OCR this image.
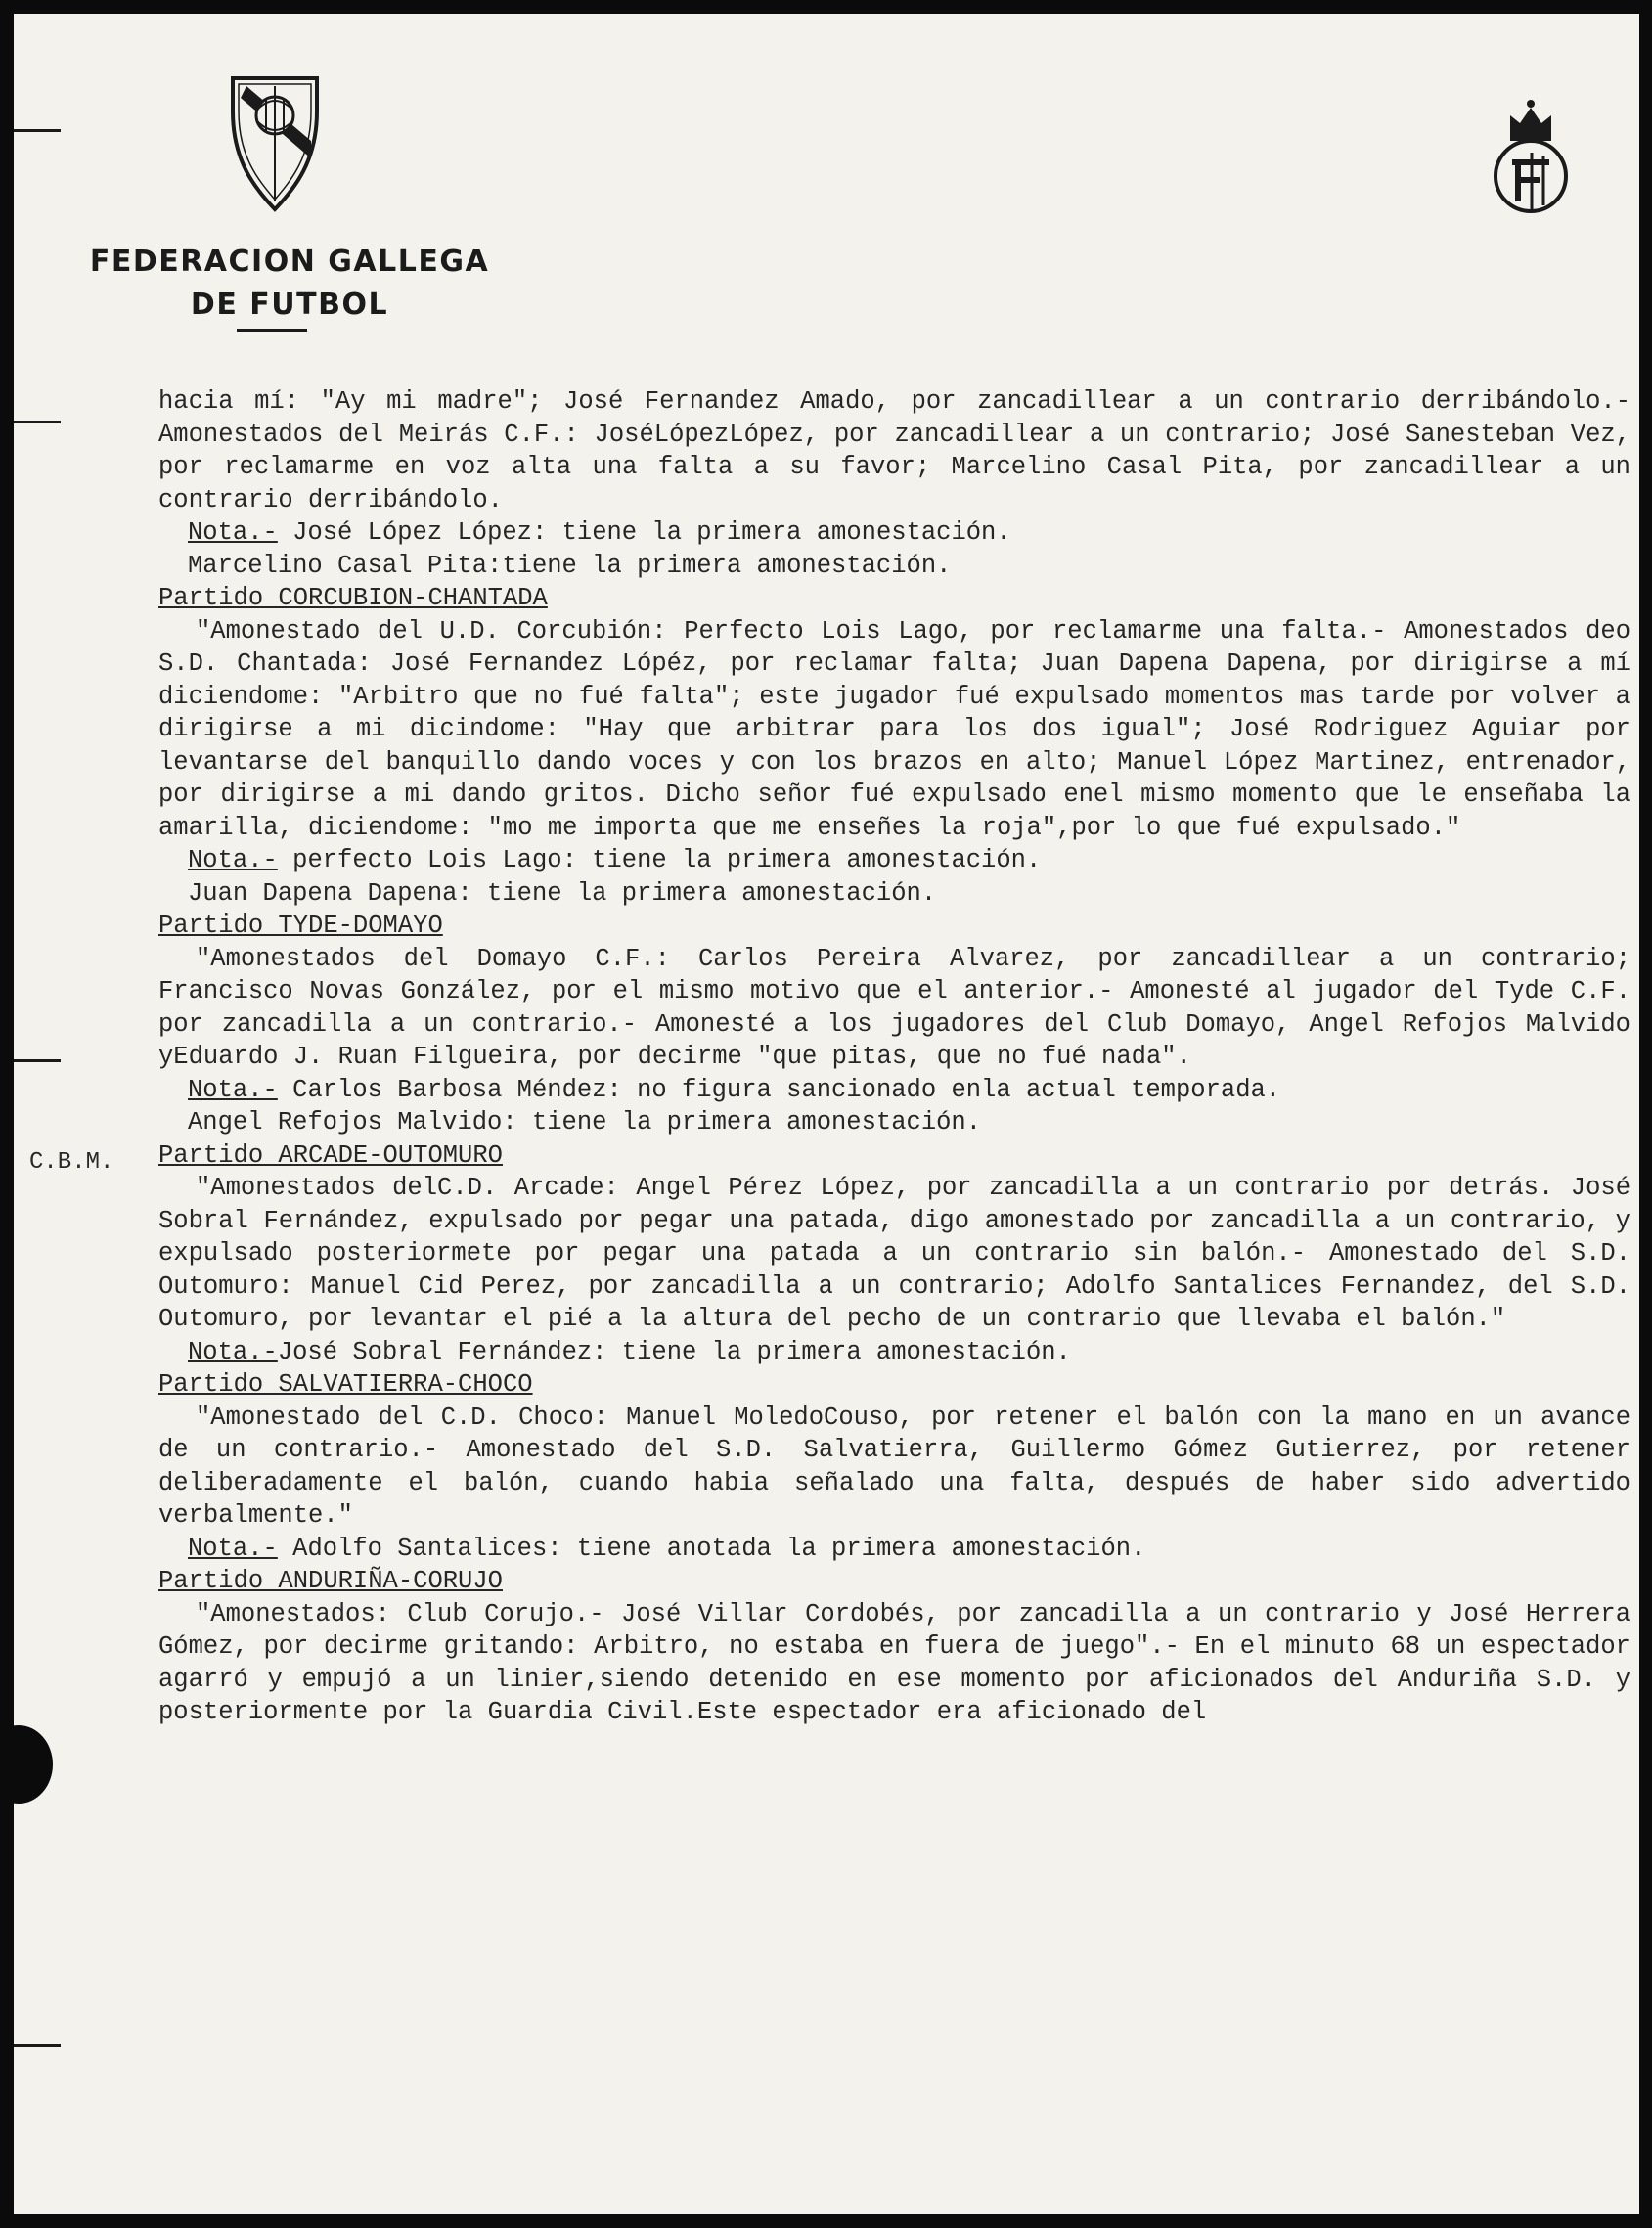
FEDERACION GALLEGA
DE FUTBOL
C.B.M.

hacia mí: "Ay mi madre"; José Fernandez Amado, por zancadillear a un contrario derribándolo.- Amonestados del Meirás C.F.: JoséLópezLópez, por zancadillear a un contrario; José Sanesteban Vez, por reclamarme en voz alta una falta a su favor; Marcelino Casal Pita, por zancadillear a un contrario derribándolo.

Nota.- José López López: tiene la primera amonestación.

Marcelino Casal Pita:tiene la primera amonestación.

Partido CORCUBION-CHANTADA

"Amonestado del U.D. Corcubión: Perfecto Lois Lago, por reclamarme una falta.- Amonestados deo S.D. Chantada: José Fernandez Lópéz, por reclamar falta; Juan Dapena Dapena, por dirigirse a mí diciendome: "Arbitro que no fué falta"; este jugador fué expulsado momentos mas tarde por volver a dirigirse a mi dicindome: "Hay que arbitrar para los dos igual"; José Rodriguez Aguiar por levantarse del banquillo dando voces y con los brazos en alto; Manuel López Martinez, entrenador, por dirigirse a mi dando gritos. Dicho señor fué expulsado enel mismo momento que le enseñaba la amarilla, diciendome: "mo me importa que me enseñes la roja",por lo que fué expulsado."

Nota.- perfecto Lois Lago: tiene la primera amonestación.

Juan Dapena Dapena: tiene la primera amonestación.

Partido TYDE-DOMAYO

"Amonestados del Domayo C.F.: Carlos Pereira Alvarez, por zancadillear a un contrario; Francisco Novas González, por el mismo motivo que el anterior.- Amonesté al jugador del Tyde C.F. por zancadilla a un contrario.- Amonesté a los jugadores del Club Domayo, Angel Refojos Malvido yEduardo J. Ruan Filgueira, por decirme "que pitas, que no fué nada".

Nota.- Carlos Barbosa Méndez: no figura sancionado enla actual temporada.

Angel Refojos Malvido: tiene la primera amonestación.

Partido ARCADE-OUTOMURO

"Amonestados delC.D. Arcade: Angel Pérez López, por zancadilla a un contrario por detrás. José Sobral Fernández, expulsado por pegar una patada, digo amonestado por zancadilla a un contrario, y expulsado posteriormete por pegar una patada a un contrario sin balón.- Amonestado del S.D. Outomuro: Manuel Cid Perez, por zancadilla a un contrario; Adolfo Santalices Fernandez, del S.D. Outomuro, por levantar el pié a la altura del pecho de un contrario que llevaba el balón."

Nota.-José Sobral Fernández: tiene la primera amonestación.

Partido SALVATIERRA-CHOCO

"Amonestado del C.D. Choco: Manuel MoledoCouso, por retener el balón con la mano en un avance de un contrario.- Amonestado del S.D. Salvatierra, Guillermo Gómez Gutierrez, por retener deliberadamente el balón, cuando habia señalado una falta, después de haber sido advertido verbalmente."

Nota.- Adolfo Santalices: tiene anotada la primera amonestación.

Partido ANDURIÑA-CORUJO

"Amonestados: Club Corujo.- José Villar Cordobés, por zancadilla a un contrario y José Herrera Gómez, por decirme gritando: Arbitro, no estaba en fuera de juego".- En el minuto 68 un espectador agarró y empujó a un linier,siendo detenido en ese momento por aficionados del Anduriña S.D. y posteriormente por la Guardia Civil.Este espectador era aficionado del
